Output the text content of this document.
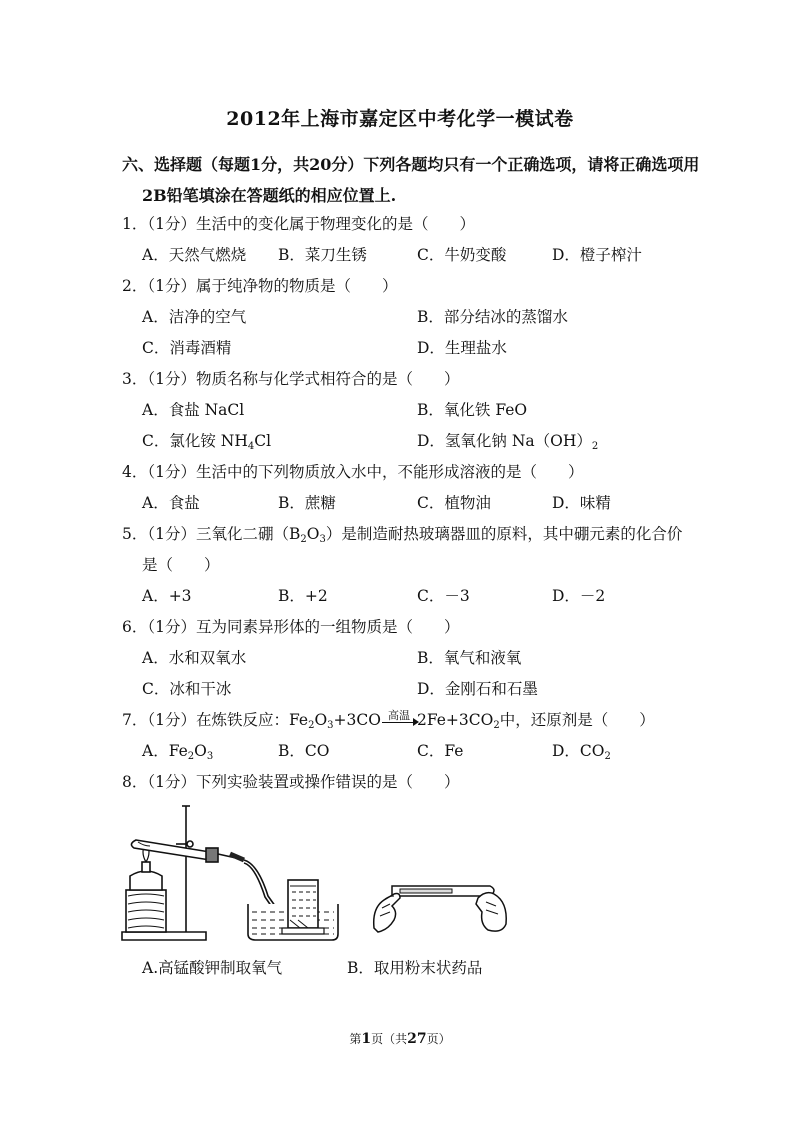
2012年上海市嘉定区中考化学一模试卷
六、选择题（每题1分，共20分）下列各题均只有一个正确选项，请将正确选项用
2B铅笔填涂在答题纸的相应位置上.
1．（1分）生活中的变化属于物理变化的是（　　）
A．天然气燃烧 B．菜刀生锈	C．牛奶变酸	D．橙子榨汁
2．（1分）属于纯净物的物质是（　　）
A．洁净的空气	B．部分结冰的蒸馏水
C．消毒酒精	D．生理盐水
3．（1分）物质名称与化学式相符合的是（　　）
A．食盐 NaCl	B．氧化铁 FeO
C．氯化铵 $NH_4Cl$	D．氢氧化钠 $Na(OH)_2$
4．（1分）生活中的下列物质放入水中，不能形成溶液的是（　　）
A．食盐	B．蔗糖	C．植物油	D．味精
5．（1分）三氧化二硼$(B_2O_3)$是制造耐热玻璃器皿的原料，其中硼元素的化合价
是（　　）
A．+3	B．+2	C．－3	D．－2
6．（1分）互为同素异形体的一组物质是（　　）
A．水和双氧水	B．氧气和液氧
C．冰和干冰	D．金刚石和石墨
7．（1分）在炼铁反应：$Fe_2O_3+3CO$ 高温 $2Fe+3CO_2$中，还原剂是（　　）
A．$Fe_2O_3$	B．CO	C．Fe	D．$CO_2$
8．（1分）下列实验装置或操作错误的是（　　）
A.高锰酸钾制取氧气	B．取用粉末状药品
第1页（共27页）
